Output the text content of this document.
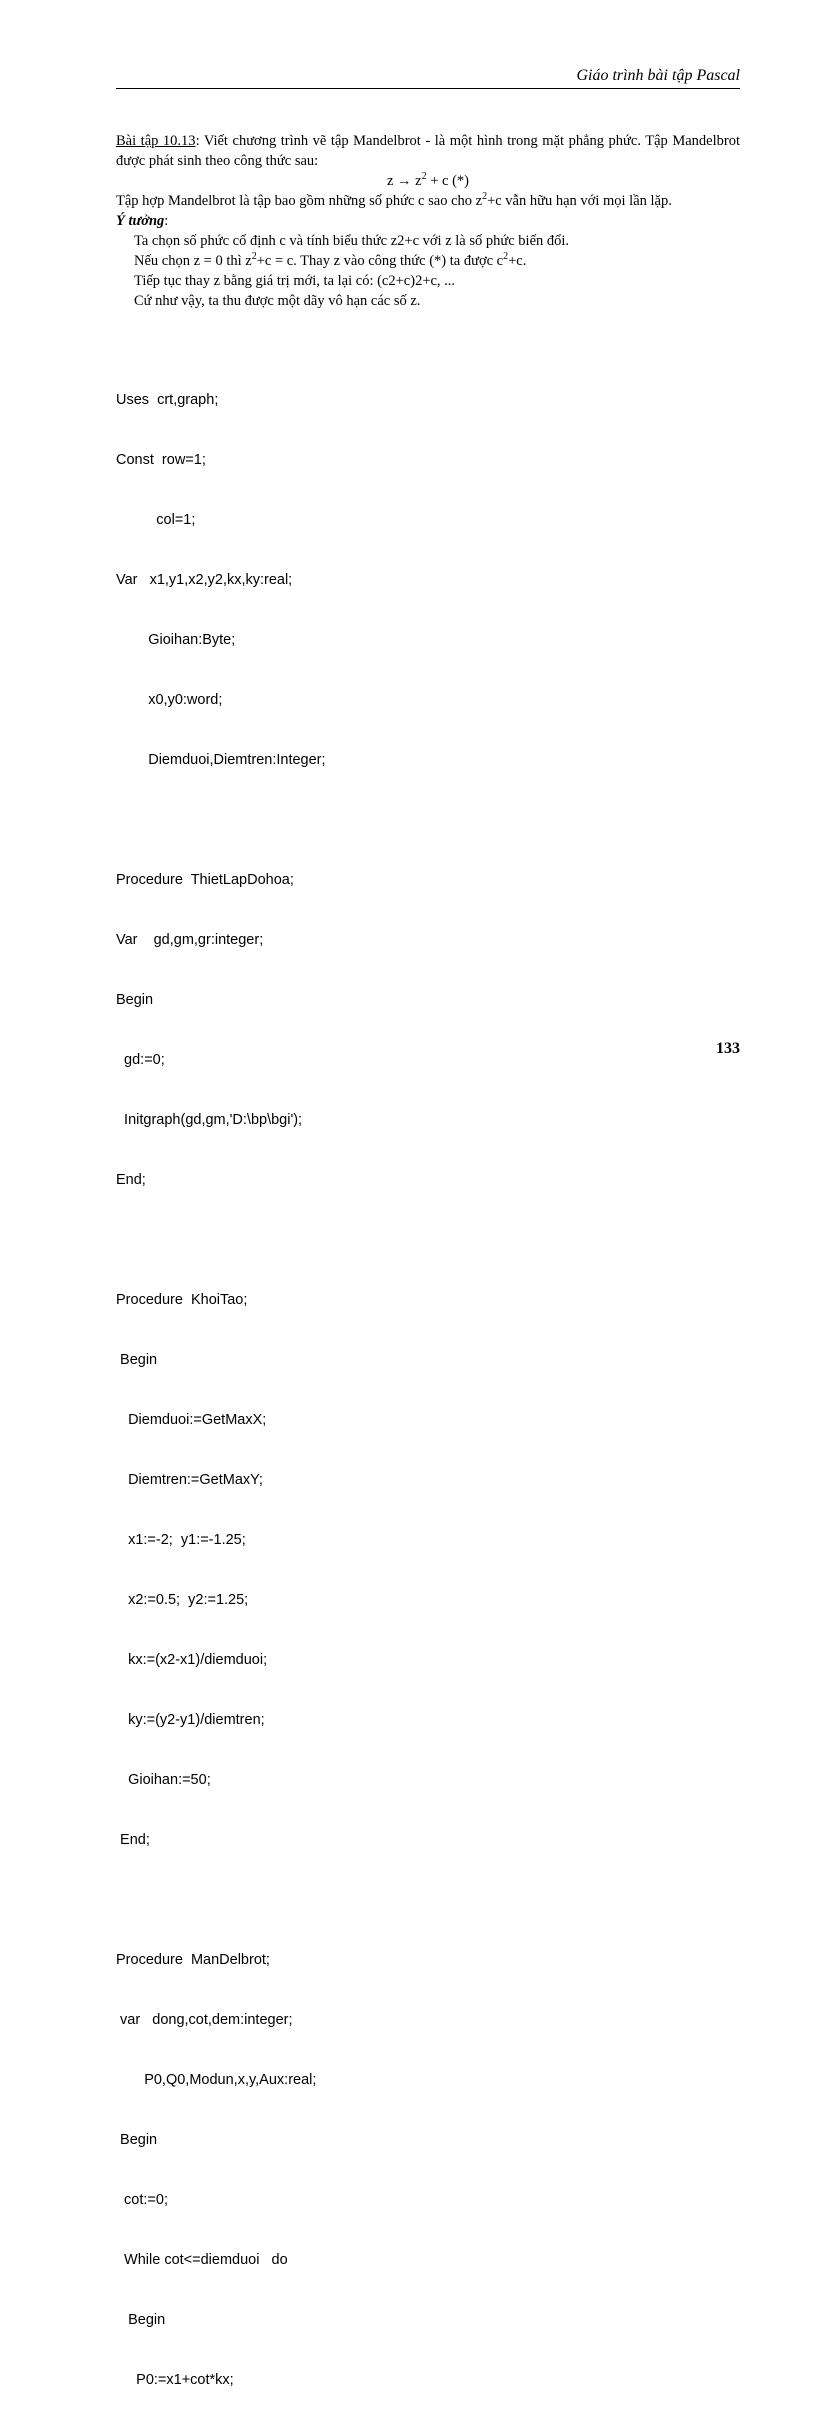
Giáo trình bài tập Pascal

Bài tập 10.13: Viết chương trình vẽ tập Mandelbrot - là một hình trong mặt phẳng phức. Tập Mandelbrot được phát sinh theo công thức sau:

$z \to z^2 + c$ (*)

Tập hợp Mandelbrot là tập bao gồm những số phức c sao cho $z^2+c$ vẫn hữu hạn với mọi lần lặp.

Ý tưởng:

Ta chọn số phức cố định c và tính biểu thức z2+c với z là số phức biến đổi.

Nếu chọn z = 0 thì $z^2+c = c$. Thay z vào công thức (*) ta được $c^2+c$.

Tiếp tục thay z bằng giá trị mới, ta lại có: (c2+c)2+c, ...

Cứ như vậy, ta thu được một dãy vô hạn các số z.

Uses  crt,graph;

Const  row=1;

col=1;

Var   x1,y1,x2,y2,kx,ky:real;

Gioihan:Byte;

x0,y0:word;

Diemduoi,Diemtren:Integer;

Procedure  ThietLapDohoa;

Var    gd,gm,gr:integer;

Begin

gd:=0;

Initgraph(gd,gm,'D:\bp\bgi');

End;

Procedure  KhoiTao;

Begin

Diemduoi:=GetMaxX;

Diemtren:=GetMaxY;

x1:=-2;  y1:=-1.25;

x2:=0.5;  y2:=1.25;

kx:=(x2-x1)/diemduoi;

ky:=(y2-y1)/diemtren;

Gioihan:=50;

End;

Procedure  ManDelbrot;

var   dong,cot,dem:integer;

P0,Q0,Modun,x,y,Aux:real;

Begin

cot:=0;

While cot<=diemduoi   do

Begin

P0:=x1+cot*kx;

133
